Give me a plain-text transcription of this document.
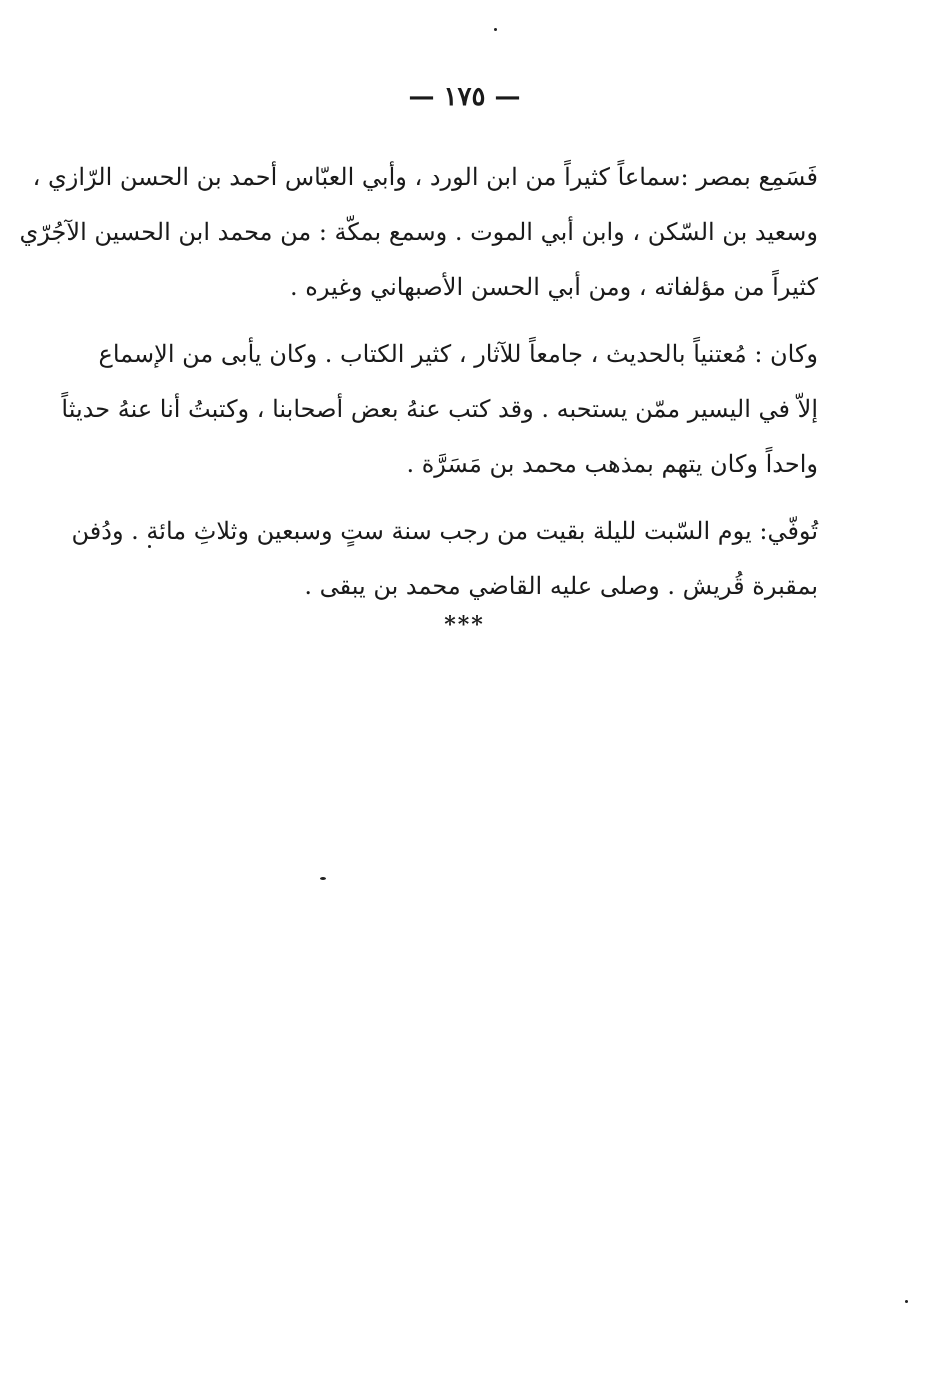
— ١٧٥ —
فَسَمِع بمصر :سماعاً كثيراً من ابن الورد ، وأبي العبّاس أحمد بن الحسن الرّازي ،
وسعيد بن السّكن ، وابن أبي الموت . وسمع بمكّة : من محمد ابن الحسين الآجُرّي
كثيراً من مؤلفاته ، ومن أبي الحسن الأصبهاني وغيره .
وكان : مُعتنياً بالحديث ، جامعاً للآثار ، كثير الكتاب . وكان يأبى من الإسماع
إلاّ في اليسير ممّن يستحبه . وقد كتب عنهُ بعض أصحابنا ، وكتبتُ أنا عنهُ حديثاً
واحداً وكان يتهم بمذهب محمد بن مَسَرَّة .
تُوفّي: يوم السّبت لليلة بقيت من رجب سنة ستٍ وسبعين وثلاثِ مائة . ودُفن
بمقبرة قُريش . وصلى عليه القاضي محمد بن يبقى .
***
